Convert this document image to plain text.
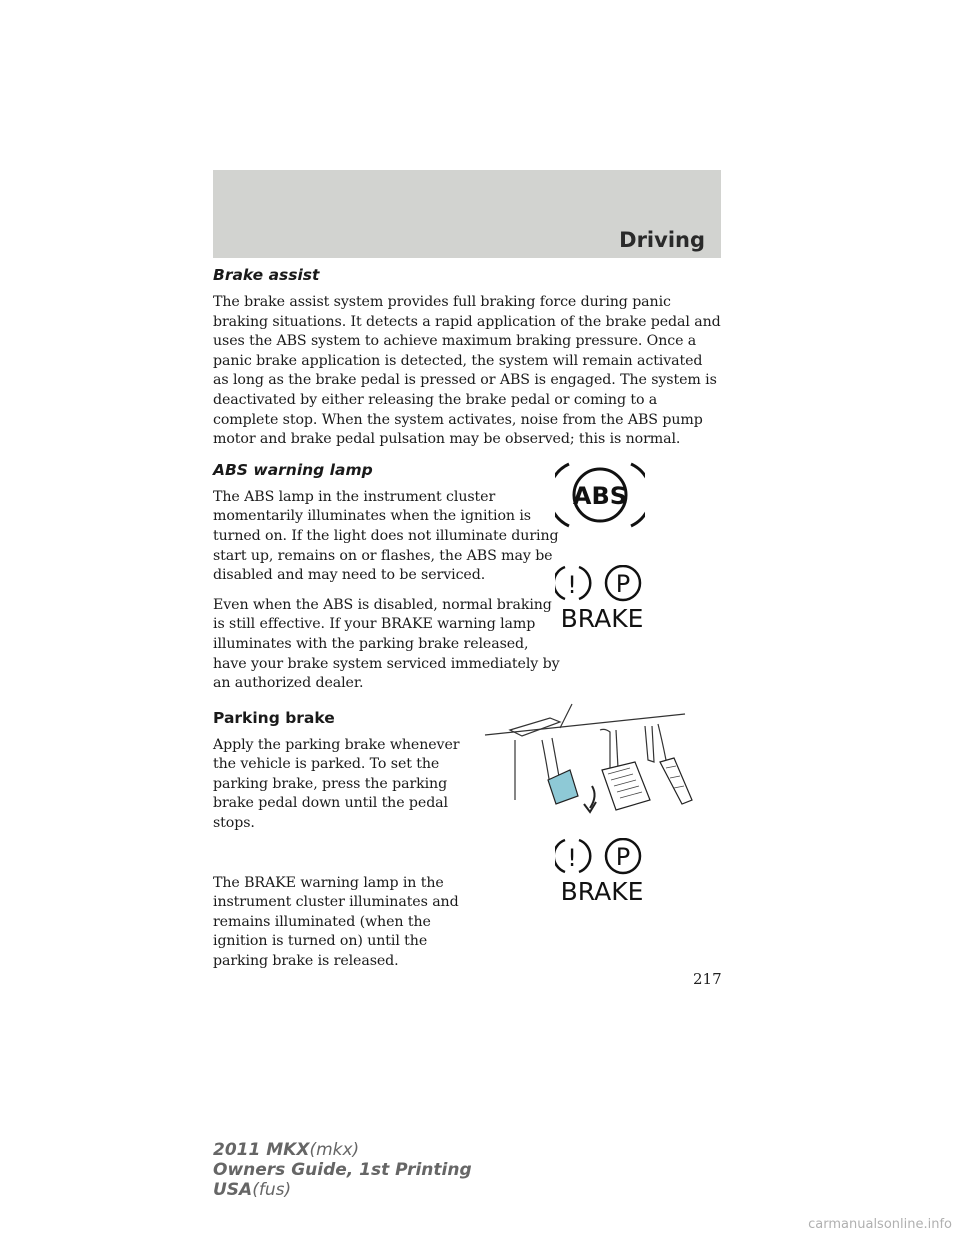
Driving
Brake assist
The brake assist system provides full braking force during panic braking situations. It detects a rapid application of the brake pedal and uses the ABS system to achieve maximum braking pressure. Once a panic brake application is detected, the system will remain activated as long as the brake pedal is pressed or ABS is engaged. The system is deactivated by either releasing the brake pedal or coming to a complete stop. When the system activates, noise from the ABS pump motor and brake pedal pulsation may be observed; this is normal.
ABS warning lamp
The ABS lamp in the instrument cluster momentarily illuminates when the ignition is turned on. If the light does not illuminate during start up, remains on or flashes, the ABS may be disabled and may need to be serviced.
Even when the ABS is disabled, normal braking is still effective. If your BRAKE warning lamp illuminates with the parking brake released, have your brake system serviced immediately by an authorized dealer.
Parking brake
Apply the parking brake whenever the vehicle is parked. To set the parking brake, press the parking brake pedal down until the pedal stops.
The BRAKE warning lamp in the instrument cluster illuminates and remains illuminated (when the ignition is turned on) until the parking brake is released.
ABS
! P
BRAKE
! P
BRAKE
217
2011 MKX(mkx)
Owners Guide, 1st Printing
USA(fus)
carmanualsonline.info
